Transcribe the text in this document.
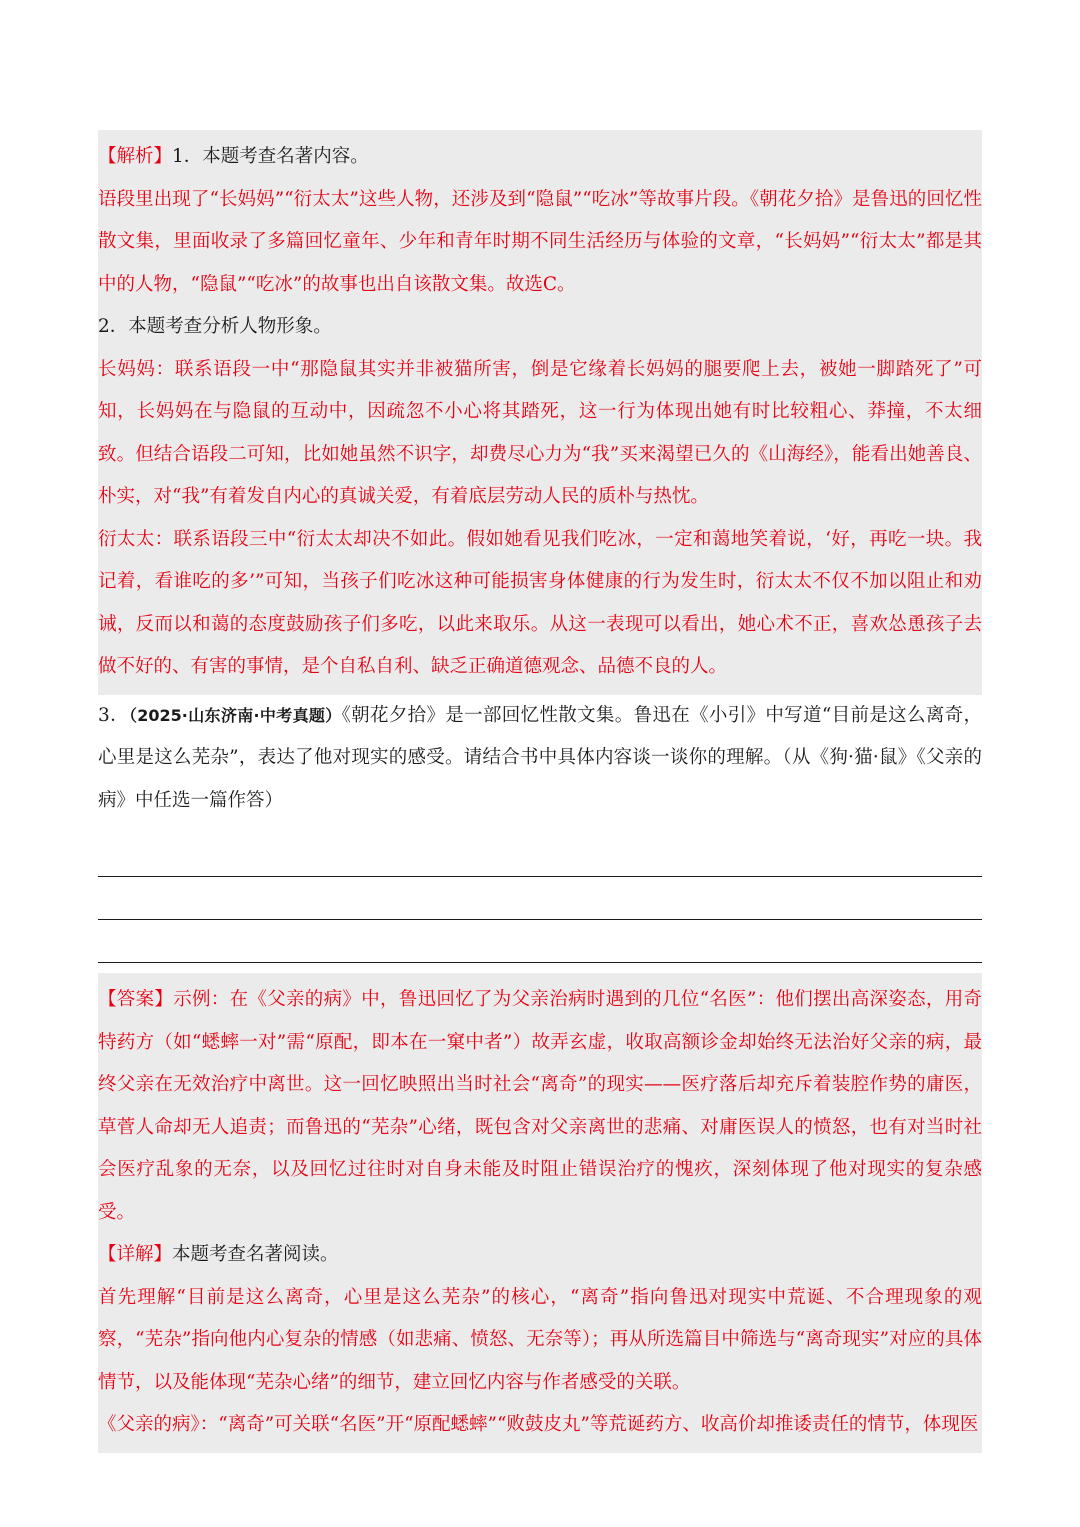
【解析】1．本题考查名著内容。
语段里出现了“长妈妈”“衍太太”这些人物，还涉及到“隐鼠”“吃冰”等故事片段。《朝花夕拾》是鲁迅的回忆性散文集，里面收录了多篇回忆童年、少年和青年时期不同生活经历与体验的文章，“长妈妈”“衍太太”都是其中的人物，“隐鼠”“吃冰”的故事也出自该散文集。故选C。
2．本题考查分析人物形象。
长妈妈：联系语段一中“那隐鼠其实并非被猫所害，倒是它缘着长妈妈的腿要爬上去，被她一脚踏死了”可知，长妈妈在与隐鼠的互动中，因疏忽不小心将其踏死，这一行为体现出她有时比较粗心、莽撞，不太细致。但结合语段二可知，比如她虽然不识字，却费尽心力为“我”买来渴望已久的《山海经》，能看出她善良、朴实，对“我”有着发自内心的真诚关爱，有着底层劳动人民的质朴与热忱。
衍太太：联系语段三中“衍太太却决不如此。假如她看见我们吃冰，一定和蔼地笑着说，‘好，再吃一块。我记着，看谁吃的多’”可知，当孩子们吃冰这种可能损害身体健康的行为发生时，衍太太不仅不加以阻止和劝诫，反而以和蔼的态度鼓励孩子们多吃，以此来取乐。从这一表现可以看出，她心术不正，喜欢怂恿孩子去做不好的、有害的事情，是个自私自利、缺乏正确道德观念、品德不良的人。
3．（2025·山东济南·中考真题）《朝花夕拾》是一部回忆性散文集。鲁迅在《小引》中写道“目前是这么离奇，心里是这么芜杂”，表达了他对现实的感受。请结合书中具体内容谈一谈你的理解。（从《狗·猫·鼠》《父亲的病》中任选一篇作答）
【答案】示例：在《父亲的病》中，鲁迅回忆了为父亲治病时遇到的几位“名医”：他们摆出高深姿态，用奇特药方（如“蟋蟀一对”需“原配，即本在一窠中者”）故弄玄虚，收取高额诊金却始终无法治好父亲的病，最终父亲在无效治疗中离世。这一回忆映照出当时社会“离奇”的现实——医疗落后却充斥着装腔作势的庸医，草菅人命却无人追责；而鲁迅的“芜杂”心绪，既包含对父亲离世的悲痛、对庸医误人的愤怒，也有对当时社会医疗乱象的无奈，以及回忆过往时对自身未能及时阻止错误治疗的愧疚，深刻体现了他对现实的复杂感受。
【详解】本题考查名著阅读。
首先理解“目前是这么离奇，心里是这么芜杂”的核心，“离奇”指向鲁迅对现实中荒诞、不合理现象的观察，“芜杂”指向他内心复杂的情感（如悲痛、愤怒、无奈等）；再从所选篇目中筛选与“离奇现实”对应的具体情节，以及能体现“芜杂心绪”的细节，建立回忆内容与作者感受的关联。
《父亲的病》：“离奇”可关联“名医”开“原配蟋蟀”“败鼓皮丸”等荒诞药方、收高价却推诿责任的情节，体现医
